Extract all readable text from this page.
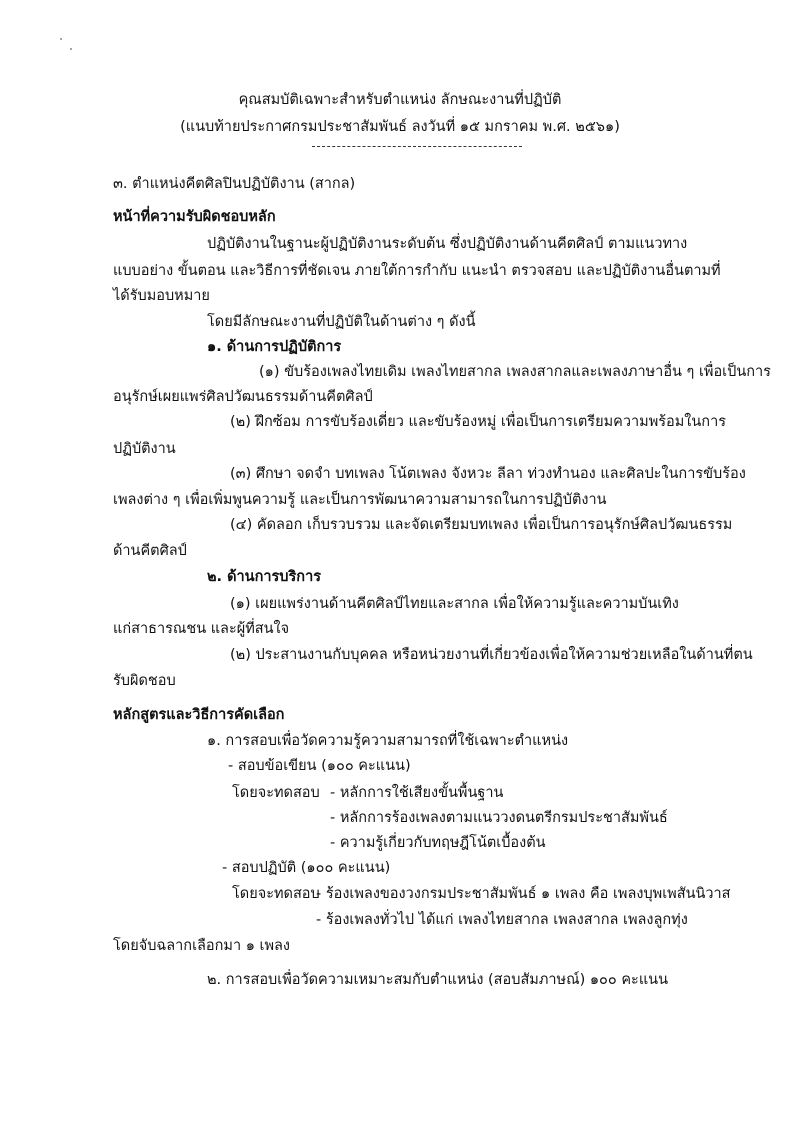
คุณสมบัติเฉพาะสำหรับตำแหน่ง ลักษณะงานที่ปฏิบัติ
(แนบท้ายประกาศกรมประชาสัมพันธ์ ลงวันที่ ๑๕ มกราคม พ.ศ. ๒๕๖๑)
๓. ตำแหน่งคีตศิลปินปฏิบัติงาน (สากล)
หน้าที่ความรับผิดชอบหลัก
ปฏิบัติงานในฐานะผู้ปฏิบัติงานระดับต้น ซึ่งปฏิบัติงานด้านคีตศิลป์ ตามแนวทาง
แบบอย่าง ขั้นตอน และวิธีการที่ชัดเจน ภายใต้การกำกับ แนะนำ ตรวจสอบ และปฏิบัติงานอื่นตามที่
ได้รับมอบหมาย
โดยมีลักษณะงานที่ปฏิบัติในด้านต่าง ๆ ดังนี้
๑. ด้านการปฏิบัติการ
(๑) ขับร้องเพลงไทยเดิม เพลงไทยสากล เพลงสากลและเพลงภาษาอื่น ๆ เพื่อเป็นการ
อนุรักษ์เผยแพร่ศิลปวัฒนธรรมด้านคีตศิลป์
(๒) ฝึกซ้อม การขับร้องเดี่ยว และขับร้องหมู่ เพื่อเป็นการเตรียมความพร้อมในการ
ปฏิบัติงาน
(๓) ศึกษา จดจำ บทเพลง โน้ตเพลง จังหวะ ลีลา ท่วงทำนอง และศิลปะในการขับร้อง
เพลงต่าง ๆ เพื่อเพิ่มพูนความรู้ และเป็นการพัฒนาความสามารถในการปฏิบัติงาน
(๔) คัดลอก เก็บรวบรวม และจัดเตรียมบทเพลง เพื่อเป็นการอนุรักษ์ศิลปวัฒนธรรม
ด้านคีตศิลป์
๒. ด้านการบริการ
(๑) เผยแพร่งานด้านคีตศิลป์ไทยและสากล เพื่อให้ความรู้และความบันเทิง
แก่สาธารณชน และผู้ที่สนใจ
(๒) ประสานงานกับบุคคล หรือหน่วยงานที่เกี่ยวข้องเพื่อให้ความช่วยเหลือในด้านที่ตน
รับผิดชอบ
หลักสูตรและวิธีการคัดเลือก
๑. การสอบเพื่อวัดความรู้ความสามารถที่ใช้เฉพาะตำแหน่ง
- สอบข้อเขียน (๑๐๐ คะแนน)
โดยจะทดสอบ - หลักการใช้เสียงขั้นพื้นฐาน
- หลักการร้องเพลงตามแนววงดนตรีกรมประชาสัมพันธ์
- ความรู้เกี่ยวกับทฤษฎีโน้ตเบื้องต้น
- สอบปฏิบัติ (๑๐๐ คะแนน)
โดยจะทดสอบ
- ร้องเพลงของวงกรมประชาสัมพันธ์ ๑ เพลง คือ เพลงบุพเพสันนิวาส
- ร้องเพลงทั่วไป ได้แก่ เพลงไทยสากล เพลงสากล เพลงลูกทุ่ง
โดยจับฉลากเลือกมา ๑ เพลง
๒. การสอบเพื่อวัดความเหมาะสมกับตำแหน่ง (สอบสัมภาษณ์) ๑๐๐ คะแนน
